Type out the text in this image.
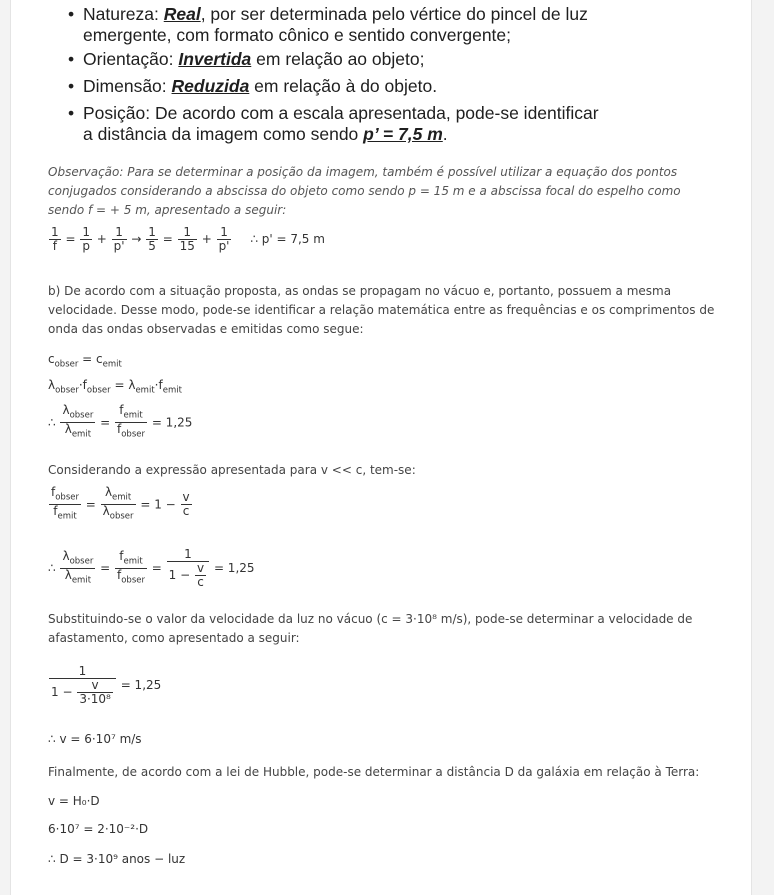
• Natureza: Real, por ser determinada pelo vértice do pincel de luz
emergente, com formato cônico e sentido convergente;
• Orientação: Invertida em relação ao objeto;
• Dimensão: Reduzida em relação à do objeto.
• Posição: De acordo com a escala apresentada, pode-se identificar
a distância da imagem como sendo p’ = 7,5 m.
Observação: Para se determinar a posição da imagem, também é possível utilizar a equação dos pontos
conjugados considerando a abscissa do objeto como sendo p = 15 m e a abscissa focal do espelho como
sendo f = + 5 m, apresentado a seguir:
$\frac{1}{f} = \frac{1}{p} + \frac{1}{p'} \to \frac{1}{5} = \frac{1}{15} + \frac{1}{p'}$ ∴ p' = 7,5 m
b) De acordo com a situação proposta, as ondas se propagam no vácuo e, portanto, possuem a mesma
velocidade. Desse modo, pode-se identificar a relação matemática entre as frequências e os comprimentos de
onda das ondas observadas e emitidas como segue:
$c_{obser} = c_{emit}$
$\lambda_{obser}\cdot f_{obser} = \lambda_{emit}\cdot f_{emit}$
∴ $\frac{\lambda_{obser}}{\lambda_{emit}} = \frac{f_{emit}}{f_{obser}} = 1,25$
Considerando a expressão apresentada para v << c, tem-se:
$\frac{f_{obser}}{f_{emit}} = \frac{\lambda_{emit}}{\lambda_{obser}} = 1 - \frac{v}{c}$
∴ $\frac{\lambda_{obser}}{\lambda_{emit}} = \frac{f_{emit}}{f_{obser}} = \frac{1}{1 - \frac{v}{c}} = 1,25$
Substituindo-se o valor da velocidade da luz no vácuo (c = 3·10⁸ m/s), pode-se determinar a velocidade de
afastamento, como apresentado a seguir:
$\frac{1}{1 - \frac{v}{\text{3·10⁸}}} = 1,25$
∴ v = 6·10⁷ m/s
Finalmente, de acordo com a lei de Hubble, pode-se determinar a distância D da galáxia em relação à Terra:
v = H₀·D
6·10⁷ = 2·10⁻²·D
∴ D = 3·10⁹ anos − luz
